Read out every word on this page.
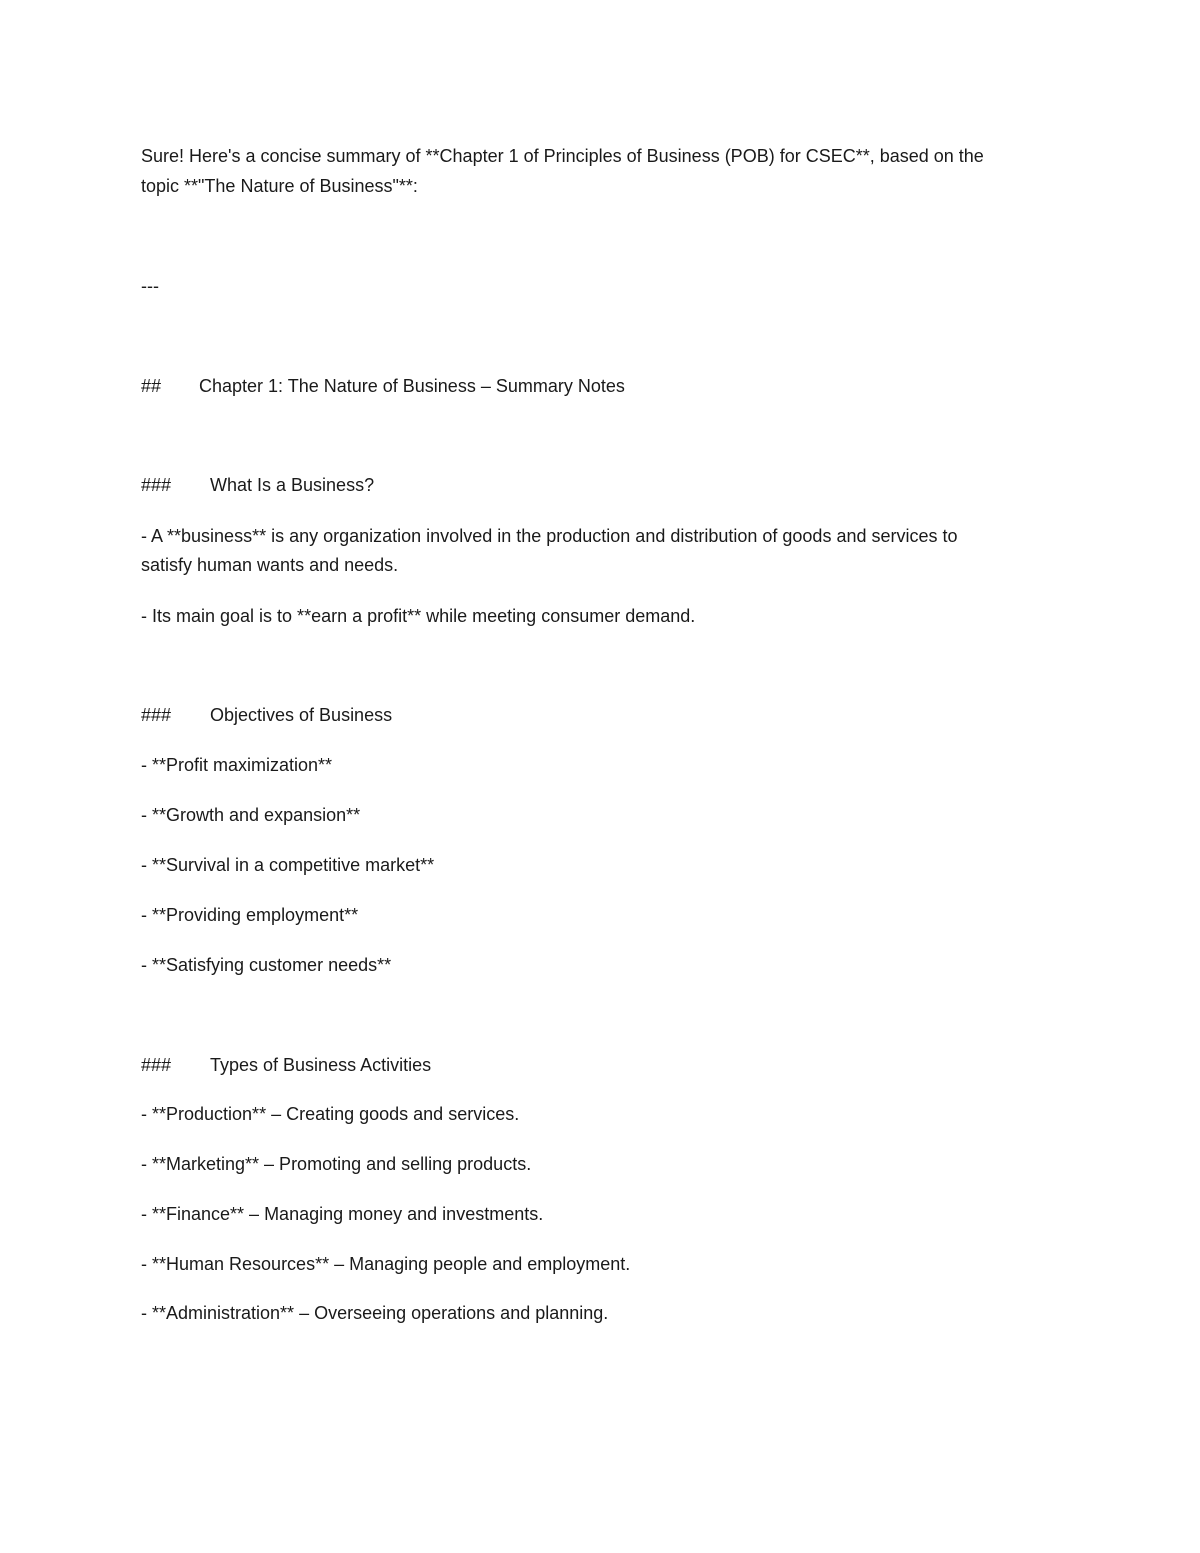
Sure! Here's a concise summary of **Chapter 1 of Principles of Business (POB) for CSEC**, based on the
topic **"The Nature of Business"**:
---
## Chapter 1: The Nature of Business – Summary Notes
### What Is a Business?
- A **business** is any organization involved in the production and distribution of goods and services to
satisfy human wants and needs.
- Its main goal is to **earn a profit** while meeting consumer demand.
### Objectives of Business
- **Profit maximization**
- **Growth and expansion**
- **Survival in a competitive market**
- **Providing employment**
- **Satisfying customer needs**
### Types of Business Activities
- **Production** – Creating goods and services.
- **Marketing** – Promoting and selling products.
- **Finance** – Managing money and investments.
- **Human Resources** – Managing people and employment.
- **Administration** – Overseeing operations and planning.
